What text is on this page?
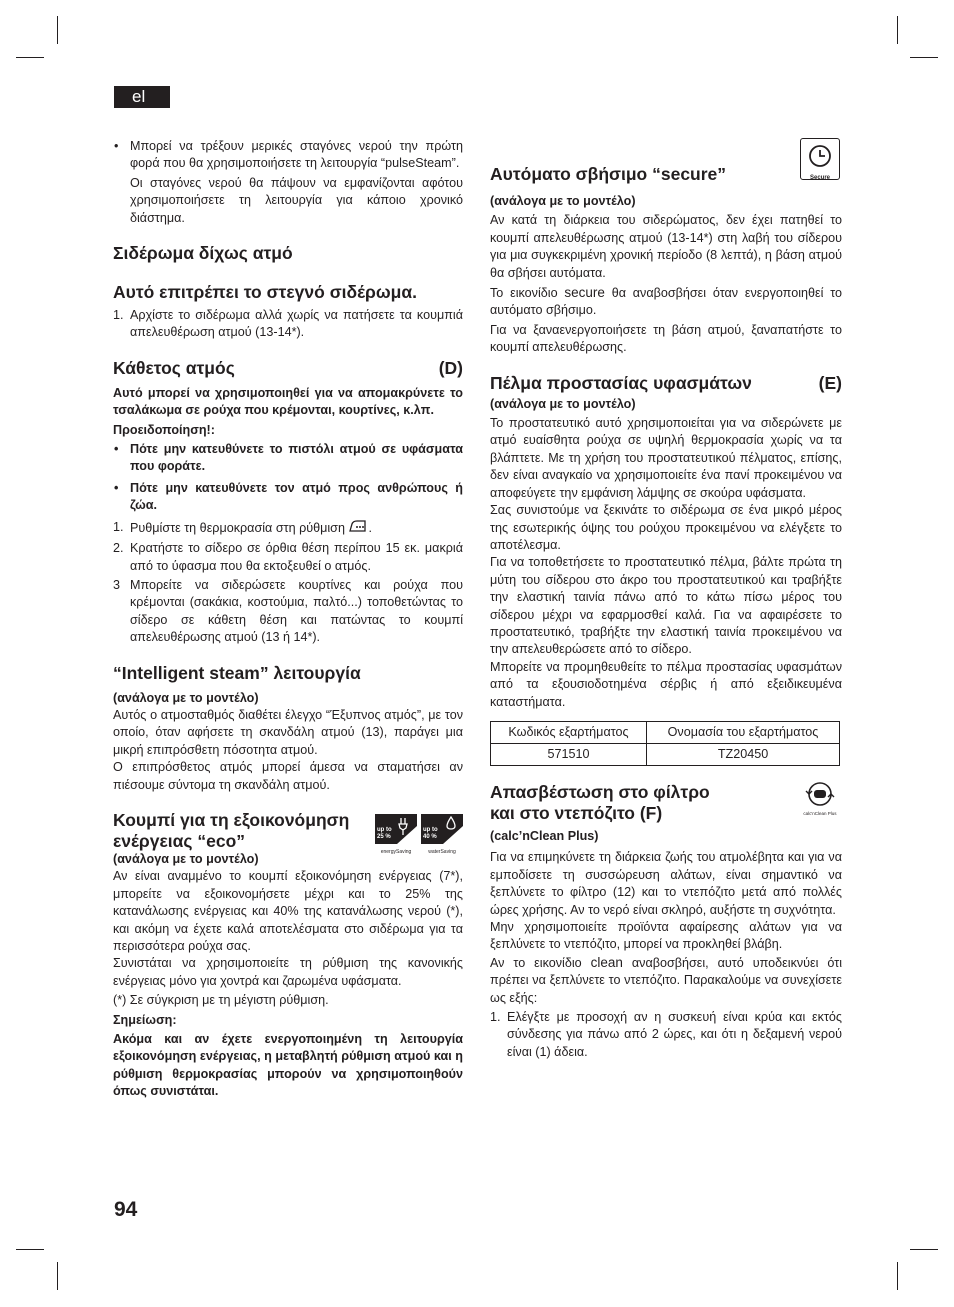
el

• Μπορεί να τρέξουν μερικές σταγόνες νερού την πρώτη φορά που θα χρησιμοποιήσετε τη λειτουργία “pulseSteam”.

Οι σταγόνες νερού θα πάψουν να εμφανίζονται αφότου χρησιμοποιήσετε τη λειτουργία για κάποιο χρονικό διάστημα.

Σιδέρωμα δίχως ατμό
Αυτό επιτρέπει το στεγνό σιδέρωμα.

1. Αρχίστε το σιδέρωμα αλλά χωρίς να πατήσετε τα κουμπιά απελευθέρωση ατμού (13-14*).

Κάθετος ατμός	(D)

Αυτό μπορεί να χρησιμοποιηθεί για να απομακρύνετε το τσαλάκωμα σε ρούχα που κρέμονται, κουρτίνες, κ.λπ.

Προειδοποίηση!:

• Πότε μην κατευθύνετε το πιστόλι ατμού σε υφάσματα που φοράτε.

• Πότε μην κατευθύνετε τον ατμό προς ανθρώπους ή ζώα.

1. Ρυθμίστε τη θερμοκρασία στη ρύθμιση .

2. Κρατήστε το σίδερο σε όρθια θέση περίπου 15 εκ. μακριά από το ύφασμα που θα εκτοξευθεί ο ατμός.

3 Μπορείτε να σιδερώσετε κουρτίνες και ρούχα που κρέμονται (σακάκια, κοστούμια, παλτό...) τοποθετώντας το σίδερο σε κάθετη θέση και πατώντας το κουμπί απελευθέρωσης ατμού (13 ή 14*).

“Intelligent steam” λειτουργία

(ανάλογα με το μοντέλο)

Αυτός ο ατμοσταθμός διαθέτει έλεγχο “Έξυπνος ατμός”, με τον οποίο, όταν αφήσετε τη σκανδάλη ατμού (13), παράγει μια μικρή επιπρόσθετη πόσοτητα ατμού.

Ο επιπρόσθετος ατμός μπορεί άμεσα να σταματήσει αν πιέσουμε σύντομα τη σκανδάλη ατμού.

Κουμπί για τη εξοικονόμηση
ενέργειας “eco”
up to
25 %
energySaving
up to
40 %
waterSaving

(ανάλογα με το μοντέλο)

Αν είναι αναμμένο το κουμπί εξοικονόμηση ενέργειας (7*), μπορείτε να εξοικονομήσετε μέχρι και το 25% της κατανάλωσης ενέργειας και 40% της κατανάλωσης νερού (*), και ακόμη να έχετε καλά αποτελέσματα στο σιδέρωμα για τα περισσότερα ρούχα σας.

Συνιστάται να χρησιμοποιείτε τη ρύθμιση της κανονικής ενέργειας μόνο για χοντρά και ζαρωμένα υφάσματα.

(*) Σε σύγκριση με τη μέγιστη ρύθμιση.

Σημείωση:

Ακόμα και αν έχετε ενεργοποιημένη τη λειτουργία εξοικονόμηση ενέργειας, η μεταβλητή ρύθμιση ατμού και η ρύθμιση θερμοκρασίας μπορούν να χρησιμοποιηθούν όπως συνιστάται.

Αυτόματο σβήσιμο “secure”	Secure

(ανάλογα με το μοντέλο)

Αν κατά τη διάρκεια του σιδερώματος, δεν έχει πατηθεί το κουμπί απελευθέρωσης ατμού (13-14*) στη λαβή του σίδερου για μια συγκεκριμένη χρονική περίοδο (8 λεπτά), η βάση ατμού θα σβήσει αυτόματα.

Το εικονίδιο secure θα αναβοσβήσει όταν ενεργοποιηθεί το αυτόματο σβήσιμο.

Για να ξαναενεργοποιήσετε τη βάση ατμού, ξαναπατήστε το κουμπί απελευθέρωσης.

Πέλμα προστασίας υφασμάτων	(E)

(ανάλογα με το μοντέλο)

Το προστατευτικό αυτό χρησιμοποιείται για να σιδερώνετε με ατμό ευαίσθητα ρούχα σε υψηλή θερμοκρασία χωρίς να τα βλάπτετε. Με τη χρήση του προστατευτικού πέλματος, επίσης, δεν είναι αναγκαίο να χρησιμοποιείτε ένα πανί προκειμένου να αποφεύγετε την εμφάνιση λάμψης σε σκούρα υφάσματα.

Σας συνιστούμε να ξεκινάτε το σιδέρωμα σε ένα μικρό μέρος της εσωτερικής όψης του ρούχου προκειμένου να ελέγξετε το αποτέλεσμα.

Για να τοποθετήσετε το προστατευτικό πέλμα, βάλτε πρώτα τη μύτη του σίδερου στο άκρο του προστατευτικού και τραβήξτε την ελαστική ταινία πάνω από το κάτω πίσω μέρος του σίδερου μέχρι να εφαρμοσθεί καλά. Για να αφαιρέσετε το προστατευτικό, τραβήξτε την ελαστική ταινία προκειμένου να την απελευθερώσετε από το σίδερο.

Μπορείτε να προμηθευθείτε το πέλμα προστασίας υφασμάτων από τα εξουσιοδοτημένα σέρβις ή από εξειδικευμένα καταστήματα.

Κωδικός εξαρτήματος	Ονομασία του εξαρτήματος
571510	TZ20450
Απασβέστωση στο φίλτρο
και στο ντεπόζιτο (F)	calc'nClean Plus

(calc’nClean Plus)

Για να επιμηκύνετε τη διάρκεια ζωής του ατμολέβητα και για να εμποδίσετε τη συσσώρευση αλάτων, είναι σημαντικό να ξεπλύνετε το φίλτρο (12) και το ντεπόζιτο μετά από πολλές ώρες χρήσης. Αν το νερό είναι σκληρό, αυξήστε τη συχνότητα.

Μην χρησιμοποιείτε προϊόντα αφαίρεσης αλάτων για να ξεπλύνετε το ντεπόζιτο, μπορεί να προκληθεί βλάβη.

Αν το εικονίδιο clean αναβοσβήσει, αυτό υποδεικνύει ότι πρέπει να ξεπλύνετε το ντεπόζιτο. Παρακαλούμε να συνεχίσετε ως εξής:

1. Ελέγξτε με προσοχή αν η συσκευή είναι κρύα και εκτός σύνδεσης για πάνω από 2 ώρες, και ότι η δεξαμενή νερού είναι (1) άδεια.

94
